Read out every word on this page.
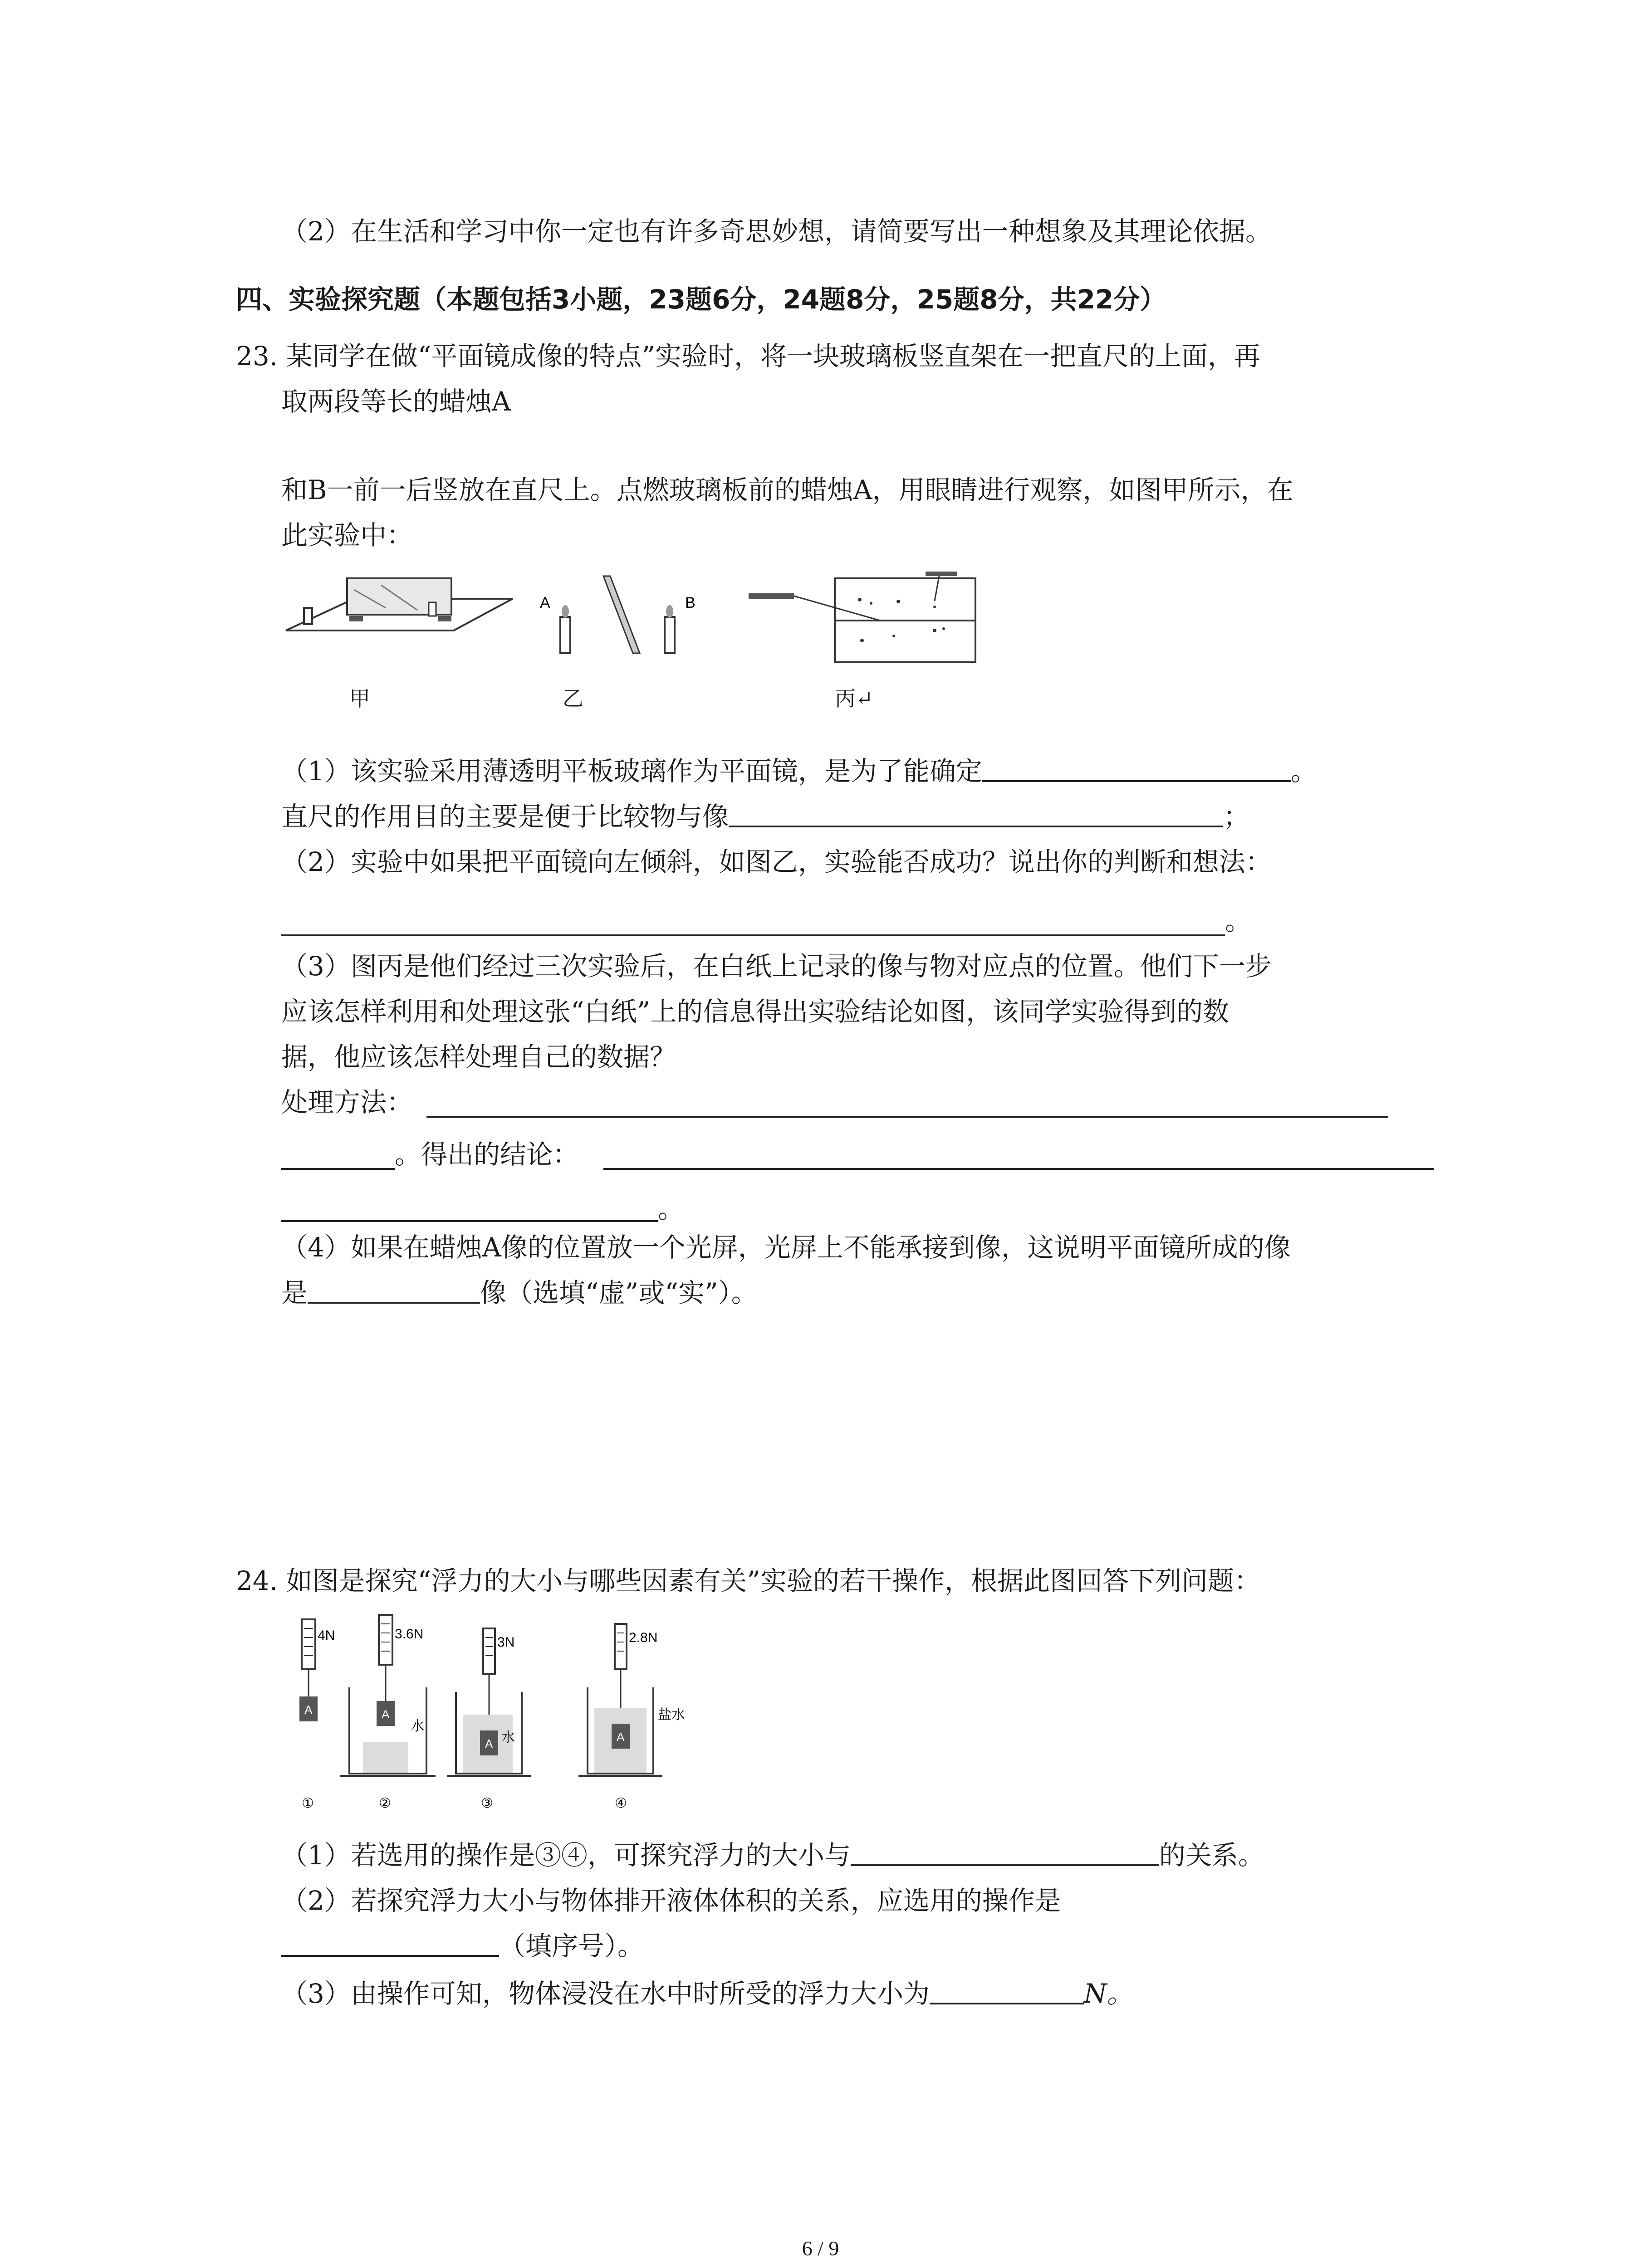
（2）在生活和学习中你一定也有许多奇思妙想，请简要写出一种想象及其理论依据。
四、实验探究题（本题包括3小题，23题6分，24题8分，25题8分，共22分）
23. 某同学在做“平面镜成像的特点”实验时，将一块玻璃板竖直架在一把直尺的上面，再
取两段等长的蜡烛A
和B一前一后竖放在直尺上。点燃玻璃板前的蜡烛A，用眼睛进行观察，如图甲所示，在
此实验中：
甲
A	B
乙	丙↵
（1）该实验采用薄透明平板玻璃作为平面镜，是为了能确定	。
直尺的作用目的主要是便于比较物与像	；
（2）实验中如果把平面镜向左倾斜，如图乙，实验能否成功？说出你的判断和想法：
。
（3）图丙是他们经过三次实验后，在白纸上记录的像与物对应点的位置。他们下一步
应该怎样利用和处理这张“白纸”上的信息得出实验结论如图，该同学实验得到的数
据，他应该怎样处理自己的数据？
处理方法：
。得出的结论：
。
（4）如果在蜡烛A像的位置放一个光屏，光屏上不能承接到像，这说明平面镜所成的像
是	像（选填“虚”或“实”）。
24. 如图是探究“浮力的大小与哪些因素有关”实验的若干操作，根据此图回答下列问题：
4N
A
①
3.6N
A
水
②
3N
A 水
③
2.8N
A
盐水
④
（1）若选用的操作是③④，可探究浮力的大小与	的关系。
（2）若探究浮力大小与物体排开液体体积的关系，应选用的操作是
（填序号）。
（3）由操作可知，物体浸没在水中时所受的浮力大小为	N。
6 / 9
